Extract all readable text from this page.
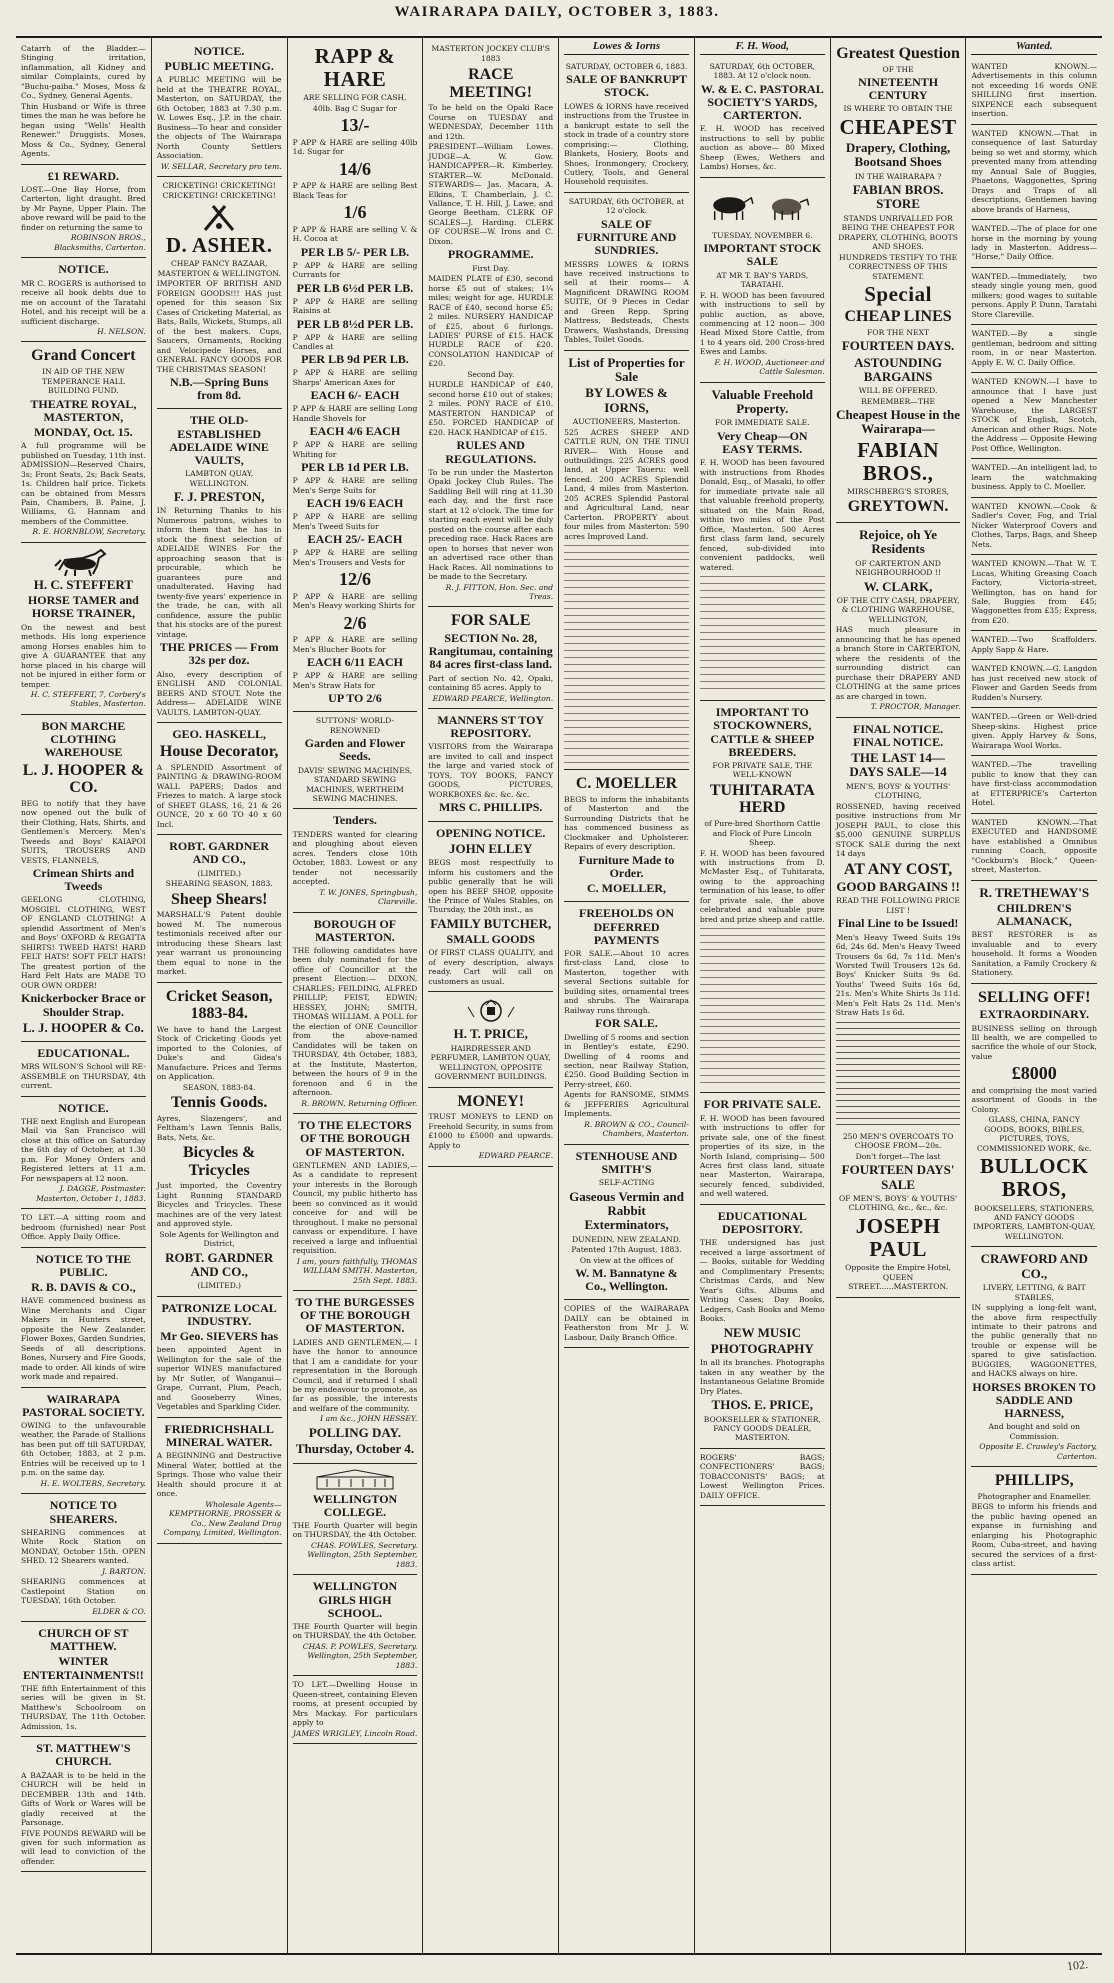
WAIRARAPA DAILY, OCTOBER 3, 1883.

Catarrh of the Bladder.— Stinging irritation, inflammation, all Kidney and similar Complaints, cured by "Buchu-paiba." Moses, Moss & Co., Sydney, General Agents.

Thin Husband or Wife is three times the man he was before he began using "Wells' Health Renewer." Druggists. Moses, Moss & Co., Sydney, General Agents.

£1 REWARD.

LOST.—One Bay Horse, from Carterton, light draught. Bred by Mr Payne, Upper Plain. The above reward will be paid to the finder on returning the same to

ROBINSON BROS., Blacksmiths, Carterton.

NOTICE.

MR C. ROGERS is authorised to receive all book debts due to me on account of the Taratahi Hotel, and his receipt will be a sufficient discharge.

H. NELSON.

Grand Concert

IN AID OF THE NEW TEMPERANCE HALL BUILDING FUND.

THEATRE ROYAL, MASTERTON,
MONDAY, Oct. 15.

A full programme will be published on Tuesday, 11th inst. ADMISSION—Reserved Chairs, 3s; Front Seats, 2s; Back Seats, 1s. Children half price. Tickets can be obtained from Messrs Pain, Chambers, B. Paine, J. Williams, G. Hannam and members of the Committee.

R. E. HORNBLOW, Secretary.

H. C. STEFFERT
HORSE TAMER and HORSE TRAINER,

On the newest and best methods. His long experience among Horses enables him to give A GUARANTEE that any horse placed in his charge will not be injured in either form or temper.

H. C. STEFFERT, 7, Corbery's Stables, Masterton.

BON MARCHE CLOTHING WAREHOUSE
L. J. HOOPER & CO.

BEG to notify that they have now opened out the bulk of their Clothing, Hats, Shirts, and Gentlemen's Mercery. Men's Tweeds and Boys' KAIAPOI SUITS, TROUSERS AND VESTS, FLANNELS,

Crimean Shirts and Tweeds

GEELONG CLOTHING, MOSGIEL CLOTHING, WEST OF ENGLAND CLOTHING! A splendid Assortment of Men's and Boys' OXFORD & REGATTA SHIRTS! TWEED HATS! HARD FELT HATS! SOFT FELT HATS! The greatest portion of the Hard Felt Hats are MADE TO OUR OWN ORDER!

Knickerbocker Brace or Shoulder Strap.
L. J. HOOPER & Co.
EDUCATIONAL.

MRS WILSON'S School will RE-ASSEMBLE on THURSDAY, 4th current.

NOTICE.

THE next English and European Mail via San Francisco will close at this office on Saturday the 6th day of October, at 1.30 p.m. For Money Orders and Registered letters at 11 a.m. For newspapers at 12 noon.

J. DAGGE, Postmaster. Masterton, October 1, 1883.

TO LET.—A sitting room and bedroom (furnished) near Post Office. Apply Daily Office.

NOTICE TO THE PUBLIC.
R. B. DAVIS & CO.,

HAVE commenced business as Wine Merchants and Cigar Makers in Hunters street, opposite the New Zealander. Flower Boxes, Garden Sundries, Seeds of all descriptions. Bones, Nursery and Fire Goods, made to order. All kinds of wire work made and repaired.

WAIRARAPA PASTORAL SOCIETY.

OWING to the unfavourable weather, the Parade of Stallions has been put off till SATURDAY, 6th October, 1883, at 2 p.m. Entries will be received up to 1 p.m. on the same day.

H. E. WOLTERS, Secretary.

NOTICE TO SHEARERS.

SHEARING commences at White Rock Station on MONDAY, October 15th. OPEN SHED. 12 Shearers wanted.

J. BARTON.

SHEARING commences at Castlepoint Station on TUESDAY, 16th October.

ELDER & CO.

CHURCH OF ST MATTHEW.
WINTER ENTERTAINMENTS!!

THE fifth Entertainment of this series will be given in St. Matthew's Schoolroom on THURSDAY, The 11th October. Admission, 1s.

ST. MATTHEW'S CHURCH.

A BAZAAR is to be held in the CHURCH will be held in DECEMBER 13th and 14th. Gifts of Work or Wares will be gladly received at the Parsonage.

FIVE POUNDS REWARD will be given for such information as will lead to conviction of the offender.

NOTICE.
PUBLIC MEETING.

A PUBLIC MEETING will be held at the THEATRE ROYAL, Masterton, on SATURDAY, the 6th October, 1883 at 7.30 p.m. W. Lowes Esq., J.P. in the chair. Business—To hear and consider the objects of The Wairarapa North County Settlers Association.

W. SELLAR, Secretary pro tem.

CRICKETING! CRICKETING! CRICKETING! CRICKETING!

D. ASHER.

CHEAP FANCY BAZAAR, MASTERTON & WELLINGTON.

IMPORTER OF BRITISH AND FOREIGN GOODS!!! HAS just opened for this season Six Cases of Cricketing Material, as Bats, Balls, Wickets, Stumps, all of the best makers. Cups, Saucers, Ornaments, Rocking and Velocipede Horses, and GENERAL FANCY GOODS FOR THE CHRISTMAS SEASON!

N.B.—Spring Buns from 8d.
THE OLD-ESTABLISHED ADELAIDE WINE VAULTS,

LAMBTON QUAY, WELLINGTON.

F. J. PRESTON,

IN Returning Thanks to his Numerous patrons, wishes to inform them that he has in stock the finest selection of ADELAIDE WINES For the approaching season that is procurable, which he guarantees pure and unadulterated. Having had twenty-five years' experience in the trade, he can, with all confidence, assure the public that his stocks are of the purest vintage.

THE PRICES — From 32s per doz.

Also, every description of ENGLISH AND COLONIAL BEERS AND STOUT. Note the Address— ADELAIDE WINE VAULTS, LAMBTON-QUAY.

GEO. HASKELL,
House Decorator,

A SPLENDID Assortment of PAINTING & DRAWING-ROOM WALL PAPERS; Dados and Friezes to match. A large stock of SHEET GLASS, 16, 21 & 26 OUNCE, 20 x 60 TO 40 x 60 Incl.

ROBT. GARDNER AND CO.,

(LIMITED.)

SHEARING SEASON, 1883.

Sheep Shears!

MARSHALL'S Patent double bowed M. The numerous testimonials received after our introducing these Shears last year warrant us pronouncing them equal to none in the market.

Cricket Season, 1883-84.

We have to hand the Largest Stock of Cricketing Goods yet imported to the Colonies, of Duke's and Gidea's Manufacture. Prices and Terms on Application.

SEASON, 1883-84.

Tennis Goods.

Ayres, Slazengers', and Feltham's Lawn Tennis Balls, Bats, Nets, &c.

Bicycles & Tricycles

Just imported, the Coventry Light Running STANDARD Bicycles and Tricycles. These machines are of the very latest and approved style.

Sole Agents for Wellington and District,

ROBT. GARDNER AND CO.,

(LIMITED.)

PATRONIZE LOCAL INDUSTRY.
Mr Geo. SIEVERS has

been appointed Agent in Wellington for the sale of the superior WINES manufactured by Mr Sutler, of Wanganui—Grape, Currant, Plum, Peach, and Gooseberry Wines, Vegetables and Sparkling Cider.

FRIEDRICHSHALL MINERAL WATER.

A BEGINNING and Destructive Mineral Water, bottled at the Springs. Those who value their Health should procure it at once.

Wholesale Agents— KEMPTHORNE, PROSSER & Co., New Zealand Drug Company, Limited, Wellington.

RAPP & HARE

ARE SELLING FOR CASH,

40lb. Bag C Sugar for

13/-

P APP & HARE are selling 40lb 1d. Sugar for

14/6

P APP & HARE are selling Best Black Teas for

1/6

P APP & HARE are selling V. & H. Cocoa at

PER LB 5/- PER LB.

P APP & HARE are selling Currants for

PER LB 6½d PER LB.

P APP & HARE are selling Raisins at

PER LB 8½d PER LB.

P APP & HARE are selling Candles at

PER LB 9d PER LB.

P APP & HARE are selling Sharps' American Axes for

EACH 6/- EACH

P APP & HARE are selling Long Handle Shovels for

EACH 4/6 EACH

P APP & HARE are selling Whiting for

PER LB 1d PER LB.

P APP & HARE are selling Men's Serge Suits for

EACH 19/6 EACH

P APP & HARE are selling Men's Tweed Suits for

EACH 25/- EACH

P APP & HARE are selling Men's Trousers and Vests for

12/6

P APP & HARE are selling Men's Heavy working Shirts for

2/6

P APP & HARE are selling Men's Blucher Boots for

EACH 6/11 EACH

P APP & HARE are selling Men's Straw Hats for

UP TO 2/6

SUTTONS' WORLD-RENOWNED

Garden and Flower Seeds.

DAVIS' SEWING MACHINES, STANDARD SEWING MACHINES, WERTHEIM SEWING MACHINES.

Tenders.

TENDERS wanted for clearing and ploughing about eleven acres. Tenders close 10th October, 1883. Lowest or any tender not necessarily accepted.

T. W. JONES, Springbush, Clareville.

BOROUGH OF MASTERTON.

THE following candidates have been duly nominated for the office of Councillor at the present Election:— DIXON, CHARLES; FEILDING, ALFRED PHILLIP; FEIST, EDWIN; HESSEY, JOHN; SMITH, THOMAS WILLIAM. A POLL for the election of ONE Councillor from the above-named Candidates will be taken on THURSDAY, 4th October, 1883, at the Institute, Masterton, between the hours of 9 in the forenoon and 6 in the afternoon.

R. BROWN, Returning Officer.

TO THE ELECTORS OF THE BOROUGH OF MASTERTON.

GENTLEMEN AND LADIES,—As a candidate to represent your interests in the Borough Council, my public hitherto has been so convinced as it would conceive for and will be throughout. I make no personal canvass or expenditure. I have received a large and influential requisition.

I am, yours faithfully, THOMAS WILLIAM SMITH. Masterton, 25th Sept. 1883.

TO THE BURGESSES OF THE BOROUGH OF MASTERTON.

LADIES AND GENTLEMEN,— I have the honor to announce that I am a candidate for your representation in the Borough Council, and if returned I shall be my endeavour to promote, as far as possible, the interests and welfare of the community.

I am &c., JOHN HESSEY.

POLLING DAY.
Thursday, October 4.
WELLINGTON COLLEGE.

THE Fourth Quarter will begin on THURSDAY, the 4th October.

CHAS. FOWLES, Secretary. Wellington, 25th September, 1883.

WELLINGTON GIRLS HIGH SCHOOL.

THE Fourth Quarter will begin on THURSDAY, the 4th October.

CHAS. P. POWLES, Secretary. Wellington, 25th September, 1883.

TO LET.—Dwelling House in Queen-street, containing Eleven rooms, at present occupied by Mrs Mackay. For particulars apply to

JAMES WRIGLEY, Lincoln Road.

MASTERTON JOCKEY CLUB'S

1883

RACE MEETING!

To be held on the Opaki Race Course on TUESDAY and WEDNESDAY, December 11th and 12th.

PRESIDENT—William Lowes. JUDGE—A. W. Gow. HANDICAPPER—R. Kimberley. STARTER—W. McDonald. STEWARDS— Jas. Macara, A. Elkins, T. Chamberlain, J. C. Vallance, T. H. Hill, J. Lawe, and George Beetham. CLERK OF SCALES—J. Harding. CLERK OF COURSE—W. Irons and C. Dixon.

PROGRAMME.

First Day.

MAIDEN PLATE of £30, second horse £5 out of stakes; 1¼ miles; weight for age. HURDLE RACE of £40, second horse £5; 2 miles. NURSERY HANDICAP of £25, about 6 furlongs. LADIES' PURSE of £15. HACK HURDLE RACE of £20. CONSOLATION HANDICAP of £20.

Second Day.

HURDLE HANDICAP of £40, second horse £10 out of stakes; 2 miles. PONY RACE of £10. MASTERTON HANDICAP of £50. FORCED HANDICAP of £20. HACK HANDICAP of £15.

RULES AND REGULATIONS.

To be run under the Masterton Opaki Jockey Club Rules. The Saddling Bell will ring at 11.30 each day, and the first race start at 12 o'clock. The time for starting each event will be duly posted on the course after each preceding race. Hack Races are open to horses that never won an advertised race other than Hack Races. All nominations to be made to the Secretary.

R. J. FITTON, Hon. Sec. and Treas.

FOR SALE
SECTION No. 28, Rangitumau, containing 84 acres first-class land.

Part of section No. 42, Opaki, containing 85 acres. Apply to

EDWARD PEARCE, Wellington.

MANNERS ST TOY REPOSITORY.

VISITORS from the Wairarapa are invited to call and inspect the large and varied stock of TOYS, TOY BOOKS, FANCY GOODS, PICTURES, WORKBOXES &c. &c. &c.

MRS C. PHILLIPS.
OPENING NOTICE.
JOHN ELLEY

BEGS most respectfully to inform his customers and the public generally that he will open his BEEF SHOP, opposite the Prince of Wales Stables, on Thursday, the 20th inst., as

FAMILY BUTCHER,
SMALL GOODS

Of FIRST CLASS QUALITY, and of every description, always ready. Cart will call on customers as usual.

H. T. PRICE,

HAIRDRESSER AND PERFUMER, LAMBTON QUAY, WELLINGTON, OPPOSITE GOVERNMENT BUILDINGS.

MONEY!

TRUST MONEYS to LEND on Freehold Security, in sums from £1000 to £5000 and upwards. Apply to

EDWARD PEARCE.

Lowes & Iorns

SATURDAY, OCTOBER 6, 1883.

SALE OF BANKRUPT STOCK.

LOWES & IORNS have received instructions from the Trustee in a bankrupt estate to sell the stock in trade of a country store comprising:— Clothing, Blankets, Hosiery, Boots and Shoes, Ironmongery, Crockery, Cutlery, Tools, and General Household requisites.

SATURDAY, 6th OCTOBER, at 12 o'clock.

SALE OF FURNITURE AND SUNDRIES.

MESSRS LOWES & IORNS have received instructions to sell at their rooms— A Magnificent DRAWING ROOM SUITE, Of 9 Pieces in Cedar and Green Repp. Spring Mattress, Bedsteads, Chests Drawers, Washstands, Dressing Tables, Toilet Goods.

List of Properties for Sale
BY LOWES & IORNS,

AUCTIONEERS, Masterton.

525 ACRES SHEEP AND CATTLE RUN, ON THE TINUI RIVER— With House and outbuildings. 225 ACRES good land, at Upper Taueru: well fenced. 200 ACRES Splendid Land, 4 miles from Masterton. 205 ACRES Splendid Pastoral and Agricultural Land, near Carterton. PROPERTY about four miles from Masterton: 590 acres Improved Land.

C. MOELLER

BEGS to inform the inhabitants of Masterton and the Surrounding Districts that he has commenced business as Clockmaker and Upholsterer. Repairs of every description.

Furniture Made to Order.
C. MOELLER,
FREEHOLDS ON DEFERRED PAYMENTS

FOR SALE.—About 10 acres first-class Land, close to Masterton, together with several Sections suitable for building sites, ornamental trees and shrubs. The Wairarapa Railway runs through.

FOR SALE.

Dwelling of 5 rooms and section in Bentley's estate, £290. Dwelling of 4 rooms and section, near Railway Station, £250. Good Building Section in Perry-street, £60.

Agents for RANSOME, SIMMS & JEFFERIES Agricultural Implements.

R. BROWN & CO., Council-Chambers, Masterton.

STENHOUSE AND SMITH'S

SELF-ACTING

Gaseous Vermin and Rabbit Exterminators,

DUNEDIN, NEW ZEALAND.

Patented 17th August, 1883.

On view at the offices of

W. M. Bannatyne & Co., Wellington.

COPIES of the WAIRARAPA DAILY can be obtained in Featherston from Mr J. W. Lasbour, Daily Branch Office.

F. H. Wood,

SATURDAY, 6th OCTOBER, 1883. At 12 o'clock noon.

W. & E. C. PASTORAL SOCIETY'S YARDS, CARTERTON.

F. H. WOOD has received instructions to sell by public auction as above— 80 Mixed Sheep (Ewes, Wethers and Lambs) Horses, &c.

TUESDAY, NOVEMBER 6.

IMPORTANT STOCK SALE

AT MR T. BAY'S YARDS, TARATAHI.

F. H. WOOD has been favoured with instructions to sell by public auction, as above, commencing at 12 noon— 300 Head Mixed Store Cattle, from 1 to 4 years old. 200 Cross-bred Ewes and Lambs.

F. H. WOOD, Auctioneer and Cattle Salesman.

Valuable Freehold Property.

FOR IMMEDIATE SALE.

Very Cheap—ON EASY TERMS.

F. H. WOOD has been favoured with instructions from Rhodes Donald, Esq., of Masaki, to offer for immediate private sale all that valuable freehold property, situated on the Main Road, within two miles of the Post Office, Masterton. 500 Acres first class farm land, securely fenced, sub-divided into convenient paddocks, well watered.

IMPORTANT TO STOCKOWNERS, CATTLE & SHEEP BREEDERS.

FOR PRIVATE SALE, THE WELL-KNOWN

TUHITARATA HERD

of Pure-bred Shorthorn Cattle and Flock of Pure Lincoln Sheep.

F. H. WOOD has been favoured with instructions from D. McMaster Esq., of Tuhitarata, owing to the approaching termination of his lease, to offer for private sale, the above celebrated and valuable pure bred and prize sheep and cattle.

FOR PRIVATE SALE.

F. H. WOOD has been favoured with instructions to offer for private sale, one of the finest properties of its size, in the North Island, comprising— 500 Acres first class land, situate near Masterton, Wairarapa, securely fenced, subdivided, and well watered.

EDUCATIONAL DEPOSITORY.

THE undersigned has just received a large assortment of— Books, suitable for Wedding and Complimentary Presents; Christmas Cards, and New Year's Gifts. Albums and Writing Cases; Day Books, Ledgers, Cash Books and Memo Books.

NEW MUSIC
PHOTOGRAPHY

In all its branches. Photographs taken in any weather by the Instantaneous Gelatine Bromide Dry Plates.

THOS. E. PRICE,

BOOKSELLER & STATIONER, FANCY GOODS DEALER, MASTERTON.

ROGERS' BAGS; CONFECTIONERS' BAGS; TOBACCONISTS' BAGS; at Lowest Wellington Prices. DAILY OFFICE.

Greatest Question

OF THE

NINETEENTH CENTURY

IS WHERE TO OBTAIN THE

CHEAPEST
Drapery, Clothing, Bootsand Shoes

IN THE WAIRARAPA ?

FABIAN BROS. STORE

STANDS UNRIVALLED FOR BEING THE CHEAPEST FOR DRAPERY, CLOTHING, BOOTS AND SHOES.

HUNDREDS TESTIFY TO THE CORRECTNESS OF THIS STATEMENT.

Special
CHEAP LINES

FOR THE NEXT

FOURTEEN DAYS.
ASTOUNDING BARGAINS

WILL BE OFFERED.

REMEMBER—THE

Cheapest House in the Wairarapa—
FABIAN BROS.,

MIRSCHBERG'S STORES,

GREYTOWN.
Rejoice, oh Ye Residents

OF CARTERTON AND NEIGHBOURHOOD !!

W. CLARK,

OF THE CITY CASH, DRAPERY, & CLOTHING WAREHOUSE, WELLINGTON,

HAS much pleasure in announcing that he has opened a branch Store in CARTERTON, where the residents of the surrounding district can purchase their DRAPERY AND CLOTHING at the same prices as are charged in town.

T. PROCTOR, Manager.

FINAL NOTICE. FINAL NOTICE.
THE LAST 14—DAYS SALE—14

MEN'S, BOYS' & YOUTHS' CLOTHING,

ROSSENED, having received positive instructions from Mr JOSEPH PAUL, to close this $5,000 GENUINE SURPLUS STOCK SALE during the next 14 days

AT ANY COST,
GOOD BARGAINS !!

READ THE FOLLOWING PRICE LIST !

Final Line to be Issued!

Men's Heavy Tweed Suits 19s 6d, 24s 6d. Men's Heavy Tweed Trousers 6s 6d, 7s 11d. Men's Worsted Twill Trousers 12s 6d. Boys' Knicker Suits 9s 6d. Youths' Tweed Suits 16s 6d, 21s. Men's White Shirts 3s 11d. Men's Felt Hats 2s 11d. Men's Straw Hats 1s 6d.

250 MEN'S OVERCOATS TO CHOOSE FROM—20s.

Don't forget—The last

FOURTEEN DAYS' SALE

OF MEN'S, BOYS' & YOUTHS' CLOTHING, &c., &c., &c.

JOSEPH PAUL

Opposite the Empire Hotel, QUEEN STREET......MASTERTON.

Wanted.

WANTED KNOWN.—Advertisements in this column not exceeding 16 words ONE SHILLING first insertion. SIXPENCE each subsequent insertion.

WANTED KNOWN.—That in consequence of last Saturday being so wet and stormy, which prevented many from attending my Annual Sale of Buggies, Phaetons, Waggonettes, Spring Drays and Traps of all descriptions, Gentlemen having above brands of Harness,

WANTED.—The of place for one horse in the morning by young lady in Masterton. Address— "Horse," Daily Office.

WANTED.—Immediately, two steady single young men, good milkers; good wages to suitable persons. Apply P. Dunn, Taratahi Store Clareville.

WANTED.—By a single gentleman, bedroom and sitting room, in or near Masterton. Apply E. W. C. Daily Office.

WANTED KNOWN.—I have to announce that I have just opened a New Manchester Warehouse, the LARGEST STOCK of English, Scotch, American and other Rugs. Note the Address — Opposite Hewing Post Office, Wellington.

WANTED.—An intelligent lad, to learn the watchmaking business. Apply to C. Moeller.

WANTED KNOWN.—Cook & Sadler's Cover, Fog, and Trial Nicker Waterproof Covers and Clothes, Tarps, Bags, and Sheep Nets.

WANTED KNOWN.—That W. T. Lucas, Whiting Greasing Coach Factory, Victoria-street, Wellington, has on hand for Sale, Buggies from £45; Waggonettes from £35; Express, from £20.

WANTED.—Two Scaffolders. Apply Sapp & Hare.

WANTED KNOWN.—G. Langdon has just received new stock of Flower and Garden Seeds from Rudden's Nursery.

WANTED.—Green or Well-dried Sheep-skins. Highest price given. Apply Harvey & Sons, Wairarapa Wool Works.

WANTED.—The travelling public to know that they can have first-class accommodation at ETTERPRICE's Carterton Hotel.

WANTED KNOWN.—That EXECUTED and HANDSOME have established a Omnibus running Coach, opposite "Cockburn's Block," Queen-street, Masterton.

R. TRETHEWAY'S
CHILDREN'S ALMANACK,

BEST RESTORER is as invaluable and to every household. It forms a Wooden Sanitation, a Family Crockery & Stationery.

SELLING OFF!
EXTRAORDINARY.

BUSINESS selling on through Ill health, we are compelled to sacrifice the whole of our Stock, value

£8000

and comprising the most varied assortment of Goods in the Colony.

GLASS, CHINA, FANCY GOODS, BOOKS, BIBLES, PICTURES, TOYS, COMMISSIONED WORK, &c.

BULLOCK BROS,

BOOKSELLERS, STATIONERS, AND FANCY GOODS IMPORTERS, LAMBTON-QUAY, WELLINGTON.

CRAWFORD AND CO.,

LIVERY, LETTING, & BAIT STABLES,

IN supplying a long-felt want, the above firm respectfully intimate to their patrons and the public generally that no trouble or expense will be spared to give satisfaction. BUGGIES, WAGGONETTES, and HACKS always on hire.

HORSES BROKEN TO SADDLE AND HARNESS,

And bought and sold on Commission.

Opposite E. Crawley's Factory, Carterton.

PHILLIPS,

Photographer and Enameller.

BEGS to inform his friends and the public having opened an expanse in furnishing and enlarging his Photographic Room, Cuba-street, and having secured the services of a first-class artist.

102.
